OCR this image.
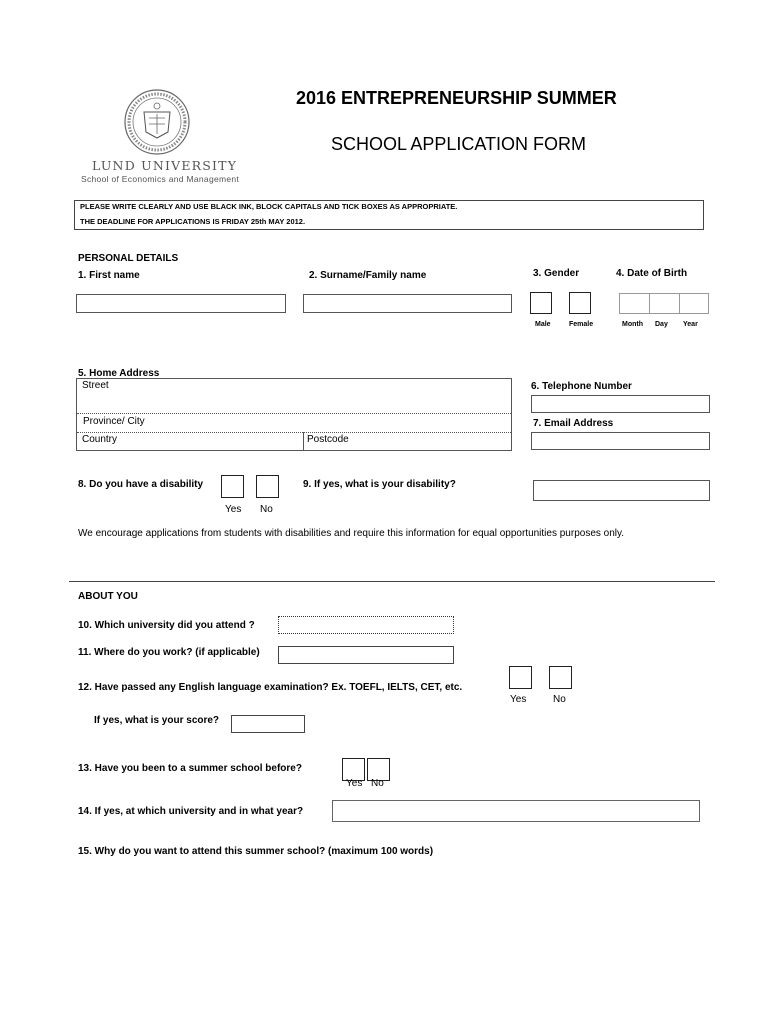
LUND UNIVERSITY
School of Economics and Management
2016 ENTREPRENEURSHIP SUMMER
SCHOOL APPLICATION FORM
PLEASE WRITE CLEARLY AND USE BLACK INK, BLOCK CAPITALS AND TICK BOXES AS APPROPRIATE.
THE DEADLINE FOR APPLICATIONS IS FRIDAY 25th MAY 2012.
PERSONAL DETAILS
1. First name	2. Surname/Family name	3. Gender	4. Date of Birth
Male	Female	Month Day Year
5. Home Address
Street
Province/ City
Country	Postcode
6. Telephone Number
7. Email Address
8. Do you have a disability
Yes No
9. If yes, what is your disability?
We encourage applications from students with disabilities and require this information for equal opportunities purposes only.
ABOUT YOU
10. Which university did you attend ?
11. Where do you work? (if applicable)
12. Have passed any English language examination? Ex. TOEFL, IELTS, CET, etc.
Yes	No
If yes, what is your score?
13. Have you been to a summer school before?
Yes No
14. If yes, at which university and in what year?
15. Why do you want to attend this summer school? (maximum 100 words)
